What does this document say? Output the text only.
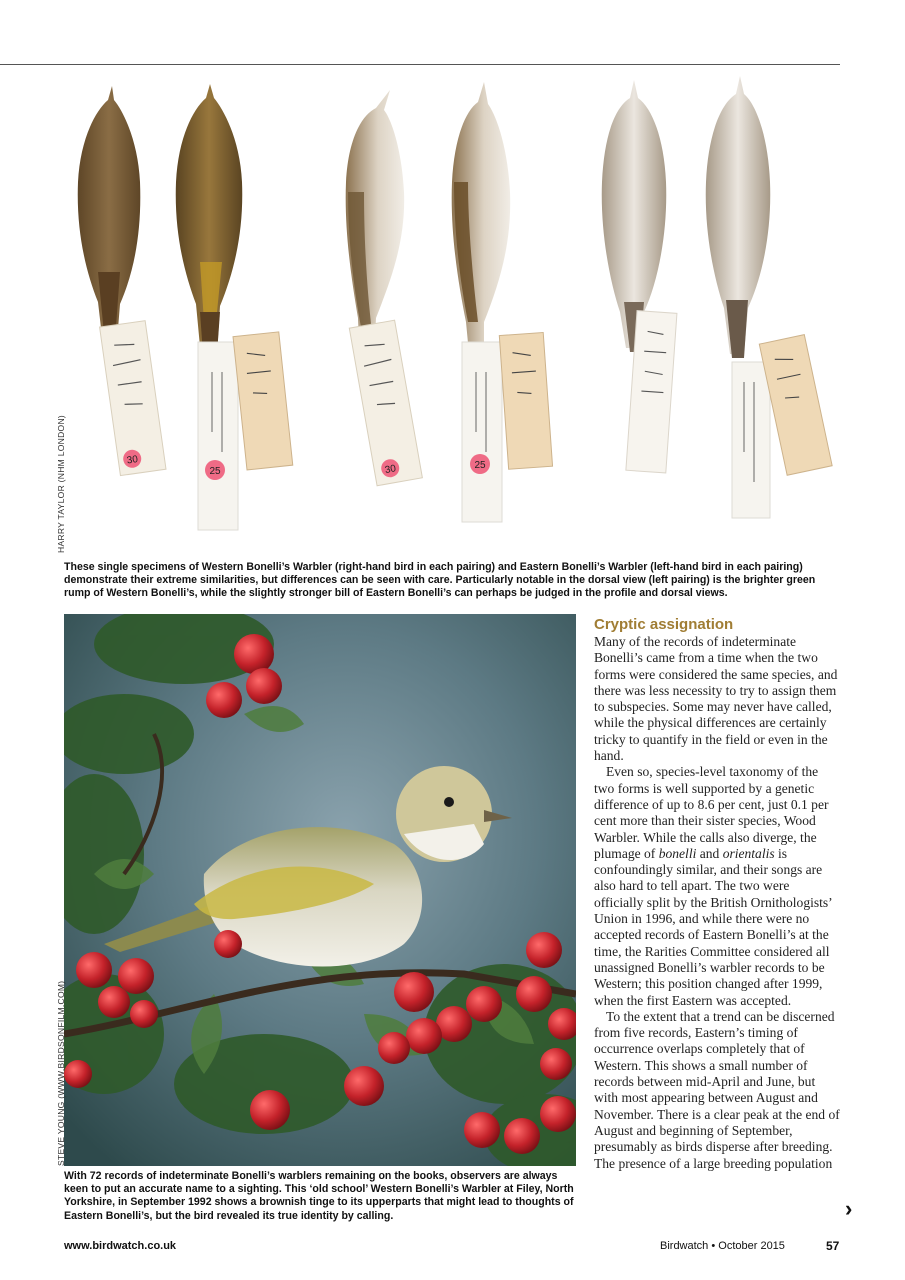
30
25	30	25
HARRY TAYLOR (NHM LONDON)
These single specimens of Western Bonelli’s Warbler (right-hand bird in each pairing) and Eastern Bonelli’s Warbler (left-hand bird in each pairing) demonstrate their extreme similarities, but differences can be seen with care. Particularly notable in the dorsal view (left pairing) is the brighter green rump of Western Bonelli’s, while the slightly stronger bill of Eastern Bonelli’s can perhaps be judged in the profile and dorsal views.
STEVE YOUNG (WWW.BIRDSONFILM.COM)
With 72 records of indeterminate Bonelli’s warblers remaining on the books, observers are always keen to put an accurate name to a sighting. This ‘old school’ Western Bonelli’s Warbler at Filey, North Yorkshire, in September 1992 shows a brownish tinge to its upperparts that might lead to thoughts of Eastern Bonelli’s, but the bird revealed its true identity by calling.
Cryptic assignation

Many of the records of indeterminate Bonelli’s came from a time when the two forms were considered the same species, and there was less necessity to try to assign them to subspecies. Some may never have called, while the physical differences are certainly tricky to quantify in the field or even in the hand.

Even so, species-level taxonomy of the two forms is well supported by a genetic difference of up to 8.6 per cent, just 0.1 per cent more than their sister species, Wood Warbler. While the calls also diverge, the plumage of bonelli and orientalis is confoundingly similar, and their songs are also hard to tell apart. The two were officially split by the British Ornithologists’ Union in 1996, and while there were no accepted records of Eastern Bonelli’s at the time, the Rarities Committee considered all unassigned Bonelli’s warbler records to be Western; this position changed after 1999, when the first Eastern was accepted.

To the extent that a trend can be discerned from five records, Eastern’s timing of occurrence overlaps completely that of Western. This shows a small number of records between mid-April and June, but with most appearing between August and November. There is a clear peak at the end of August and beginning of September, presumably as birds disperse after breeding. The presence of a large breeding population

›
www.birdwatch.co.uk	Birdwatch • October 2015	57
